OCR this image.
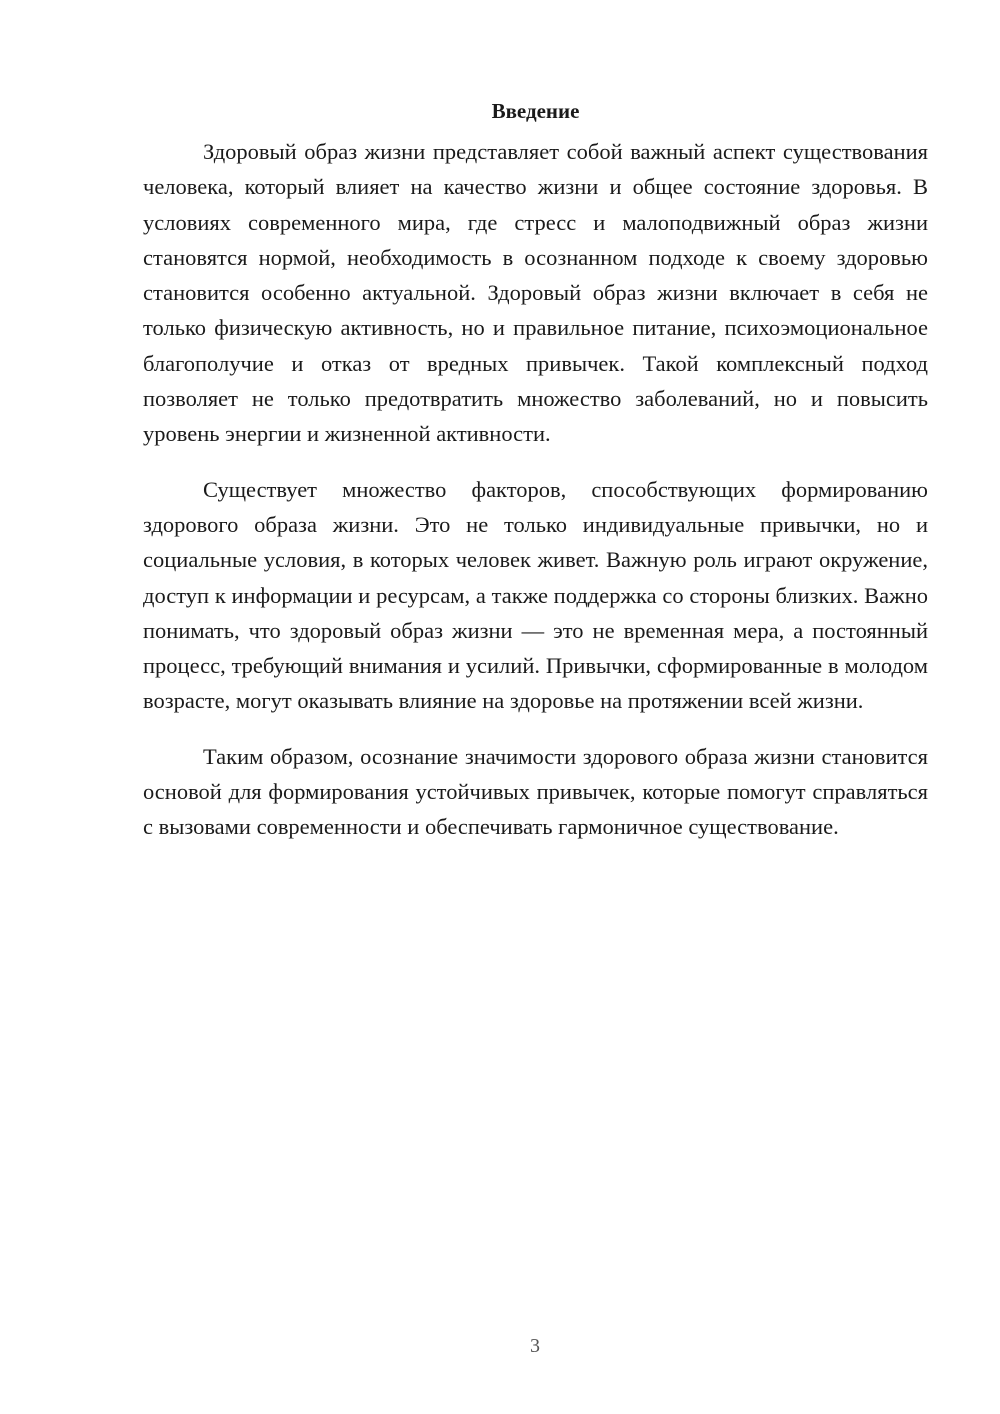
Введение

Здоровый образ жизни представляет собой важный аспект существования человека, который влияет на качество жизни и общее состояние здоровья. В условиях современного мира, где стресс и малоподвижный образ жизни становятся нормой, необходимость в осознанном подходе к своему здоровью становится особенно актуальной. Здоровый образ жизни включает в себя не только физическую активность, но и правильное питание, психоэмоциональное благополучие и отказ от вредных привычек. Такой комплексный подход позволяет не только предотвратить множество заболеваний, но и повысить уровень энергии и жизненной активности.

Существует множество факторов, способствующих формированию здорового образа жизни. Это не только индивидуальные привычки, но и социальные условия, в которых человек живет. Важную роль играют окружение, доступ к информации и ресурсам, а также поддержка со стороны близких. Важно понимать, что здоровый образ жизни — это не временная мера, а постоянный процесс, требующий внимания и усилий. Привычки, сформированные в молодом возрасте, могут оказывать влияние на здоровье на протяжении всей жизни.

Таким образом, осознание значимости здорового образа жизни становится основой для формирования устойчивых привычек, которые помогут справляться с вызовами современности и обеспечивать гармоничное существование.

3
